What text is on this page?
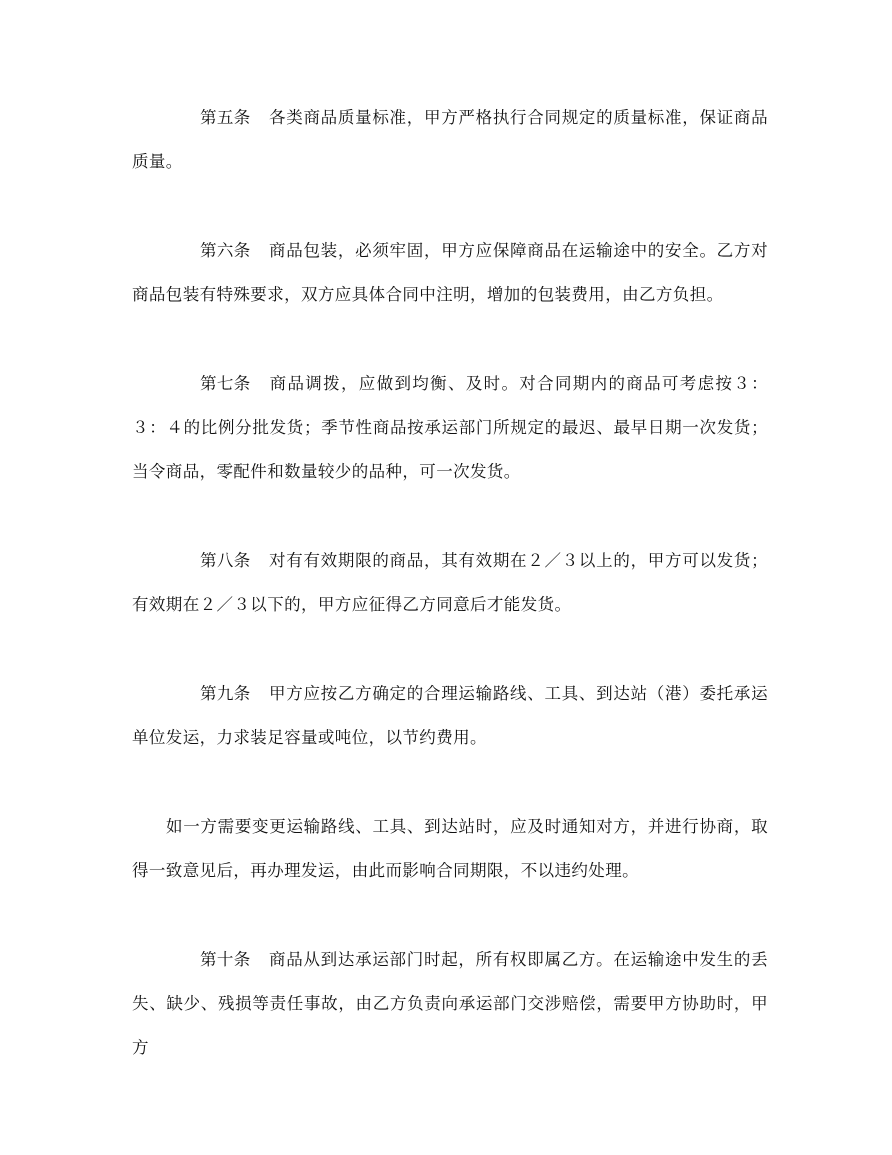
第五条 各类商品质量标准，甲方严格执行合同规定的质量标准，保证商品质量。

第六条 商品包装，必须牢固，甲方应保障商品在运输途中的安全。乙方对商品包装有特殊要求，双方应具体合同中注明，增加的包装费用，由乙方负担。

第七条 商品调拨，应做到均衡、及时。对合同期内的商品可考虑按３：３：４的比例分批发货；季节性商品按承运部门所规定的最迟、最早日期一次发货；当令商品，零配件和数量较少的品种，可一次发货。

第八条 对有有效期限的商品，其有效期在２／３以上的，甲方可以发货；有效期在２／３以下的，甲方应征得乙方同意后才能发货。

第九条 甲方应按乙方确定的合理运输路线、工具、到达站（港）委托承运单位发运，力求装足容量或吨位，以节约费用。

如一方需要变更运输路线、工具、到达站时，应及时通知对方，并进行协商，取得一致意见后，再办理发运，由此而影响合同期限，不以违约处理。

第十条 商品从到达承运部门时起，所有权即属乙方。在运输途中发生的丢失、缺少、残损等责任事故，由乙方负责向承运部门交涉赔偿，需要甲方协助时，甲方
